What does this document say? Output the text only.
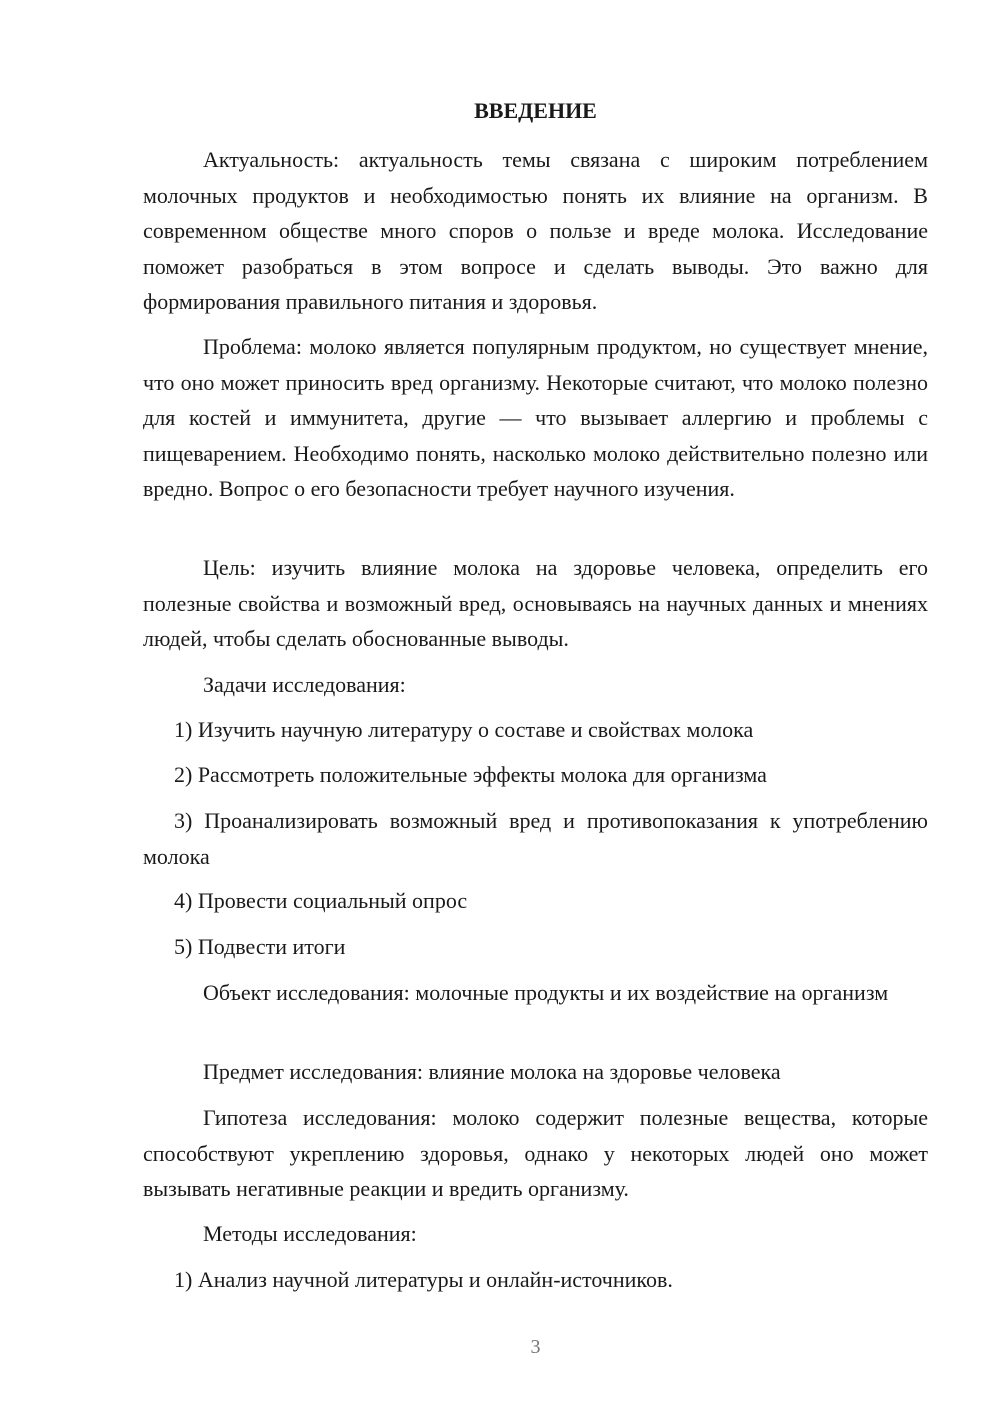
ВВЕДЕНИЕ

Актуальность: актуальность темы связана с широким потреблением молочных продуктов и необходимостью понять их влияние на организм. В современном обществе много споров о пользе и вреде молока. Исследование поможет разобраться в этом вопросе и сделать выводы. Это важно для формирования правильного питания и здоровья.

Проблема: молоко является популярным продуктом, но существует мнение, что оно может приносить вред организму. Некоторые считают, что молоко полезно для костей и иммунитета, другие — что вызывает аллергию и проблемы с пищеварением. Необходимо понять, насколько молоко действительно полезно или вредно. Вопрос о его безопасности требует научного изучения.

Цель: изучить влияние молока на здоровье человека, определить его полезные свойства и возможный вред, основываясь на научных данных и мнениях людей, чтобы сделать обоснованные выводы.

Задачи исследования:

1) Изучить научную литературу о составе и свойствах молока

2) Рассмотреть положительные эффекты молока для организма

3) Проанализировать возможный вред и противопоказания к употреблению молока

4) Провести социальный опрос

5) Подвести итоги

Объект исследования: молочные продукты и их воздействие на организм

Предмет исследования: влияние молока на здоровье человека

Гипотеза исследования: молоко содержит полезные вещества, которые способствуют укреплению здоровья, однако у некоторых людей оно может вызывать негативные реакции и вредить организму.

Методы исследования:

1) Анализ научной литературы и онлайн-источников.

3
